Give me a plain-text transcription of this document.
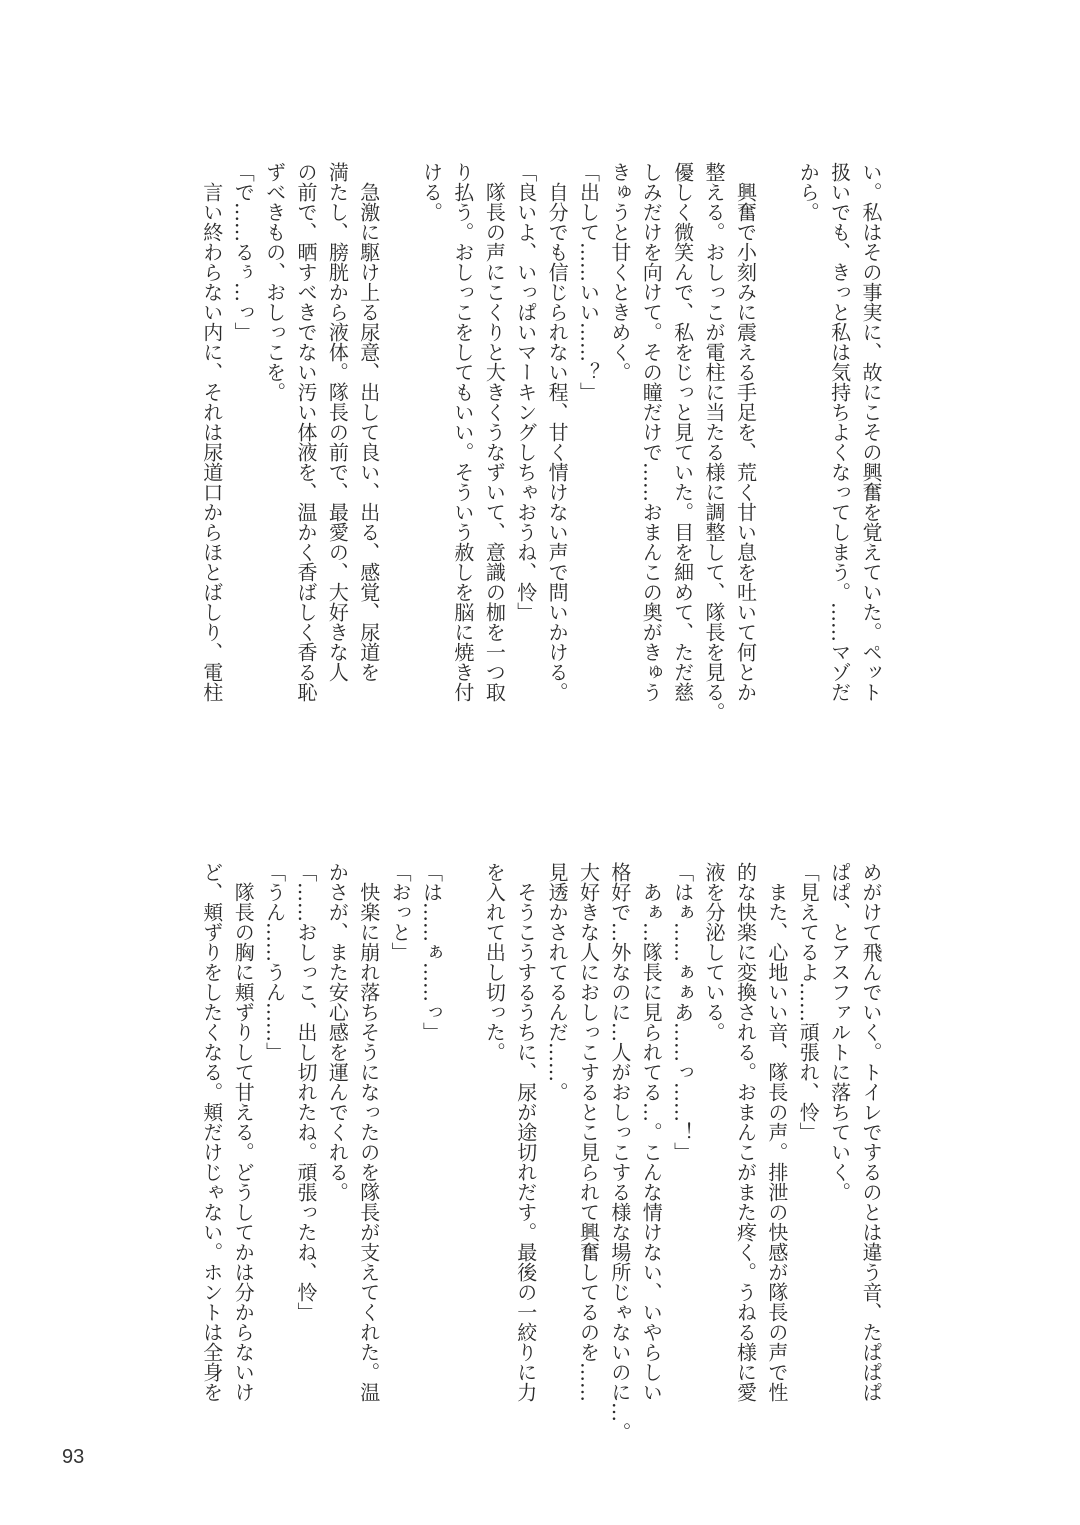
い。私はその事実に、故にこその興奮を覚えていた。ペット
扱いでも、きっと私は気持ちよくなってしまう。……マゾだ
から。
　興奮で小刻みに震える手足を、荒く甘い息を吐いて何とか
整える。おしっこが電柱に当たる様に調整して、隊長を見る。
優しく微笑んで、私をじっと見ていた。目を細めて、ただ慈
しみだけを向けて。その瞳だけで……おまんこの奥がきゅう
きゅうと甘くときめく。
「出して……いい……？」
　自分でも信じられない程、甘く情けない声で問いかける。
「良いよ、いっぱいマーキングしちゃおうね、怜」
　隊長の声にこくりと大きくうなずいて、意識の枷を一つ取
り払う。おしっこをしてもいい。そういう赦しを脳に焼き付
ける。
　急激に駆け上る尿意、出して良い、出る、感覚、尿道を
満たし、膀胱から液体。隊長の前で、最愛の、大好きな人
の前で、晒すべきでない汚い体液を、温かく香ばしく香る恥
ずべきもの、おしっこを。
「で……るぅ…っ」
　言い終わらない内に、それは尿道口からほとばしり、電柱
めがけて飛んでいく。トイレでするのとは違う音、たぱぱぱ
ぱぱ、とアスファルトに落ちていく。
「見えてるよ……頑張れ、怜」
　また、心地いい音、隊長の声。排泄の快感が隊長の声で性
的な快楽に変換される。おまんこがまた疼く。うねる様に愛
液を分泌している。
「はぁ……ぁぁあ……っ……！」
　あぁ…隊長に見られてる…。こんな情けない、いやらしい
格好で…外なのに…人がおしっこする様な場所じゃないのに…。
大好きな人におしっこするとこ見られて興奮してるのを……
見透かされてるんだ……。
　そうこうするうちに、尿が途切れだす。最後の一絞りに力
を入れて出し切った。
「は……ぁ……っ」
「おっと」
　快楽に崩れ落ちそうになったのを隊長が支えてくれた。温
かさが、また安心感を運んでくれる。
「……おしっこ、出し切れたね。頑張ったね、怜」
「うん……うん……」
　隊長の胸に頬ずりして甘える。どうしてかは分からないけ
ど、頬ずりをしたくなる。頬だけじゃない。ホントは全身を
93
